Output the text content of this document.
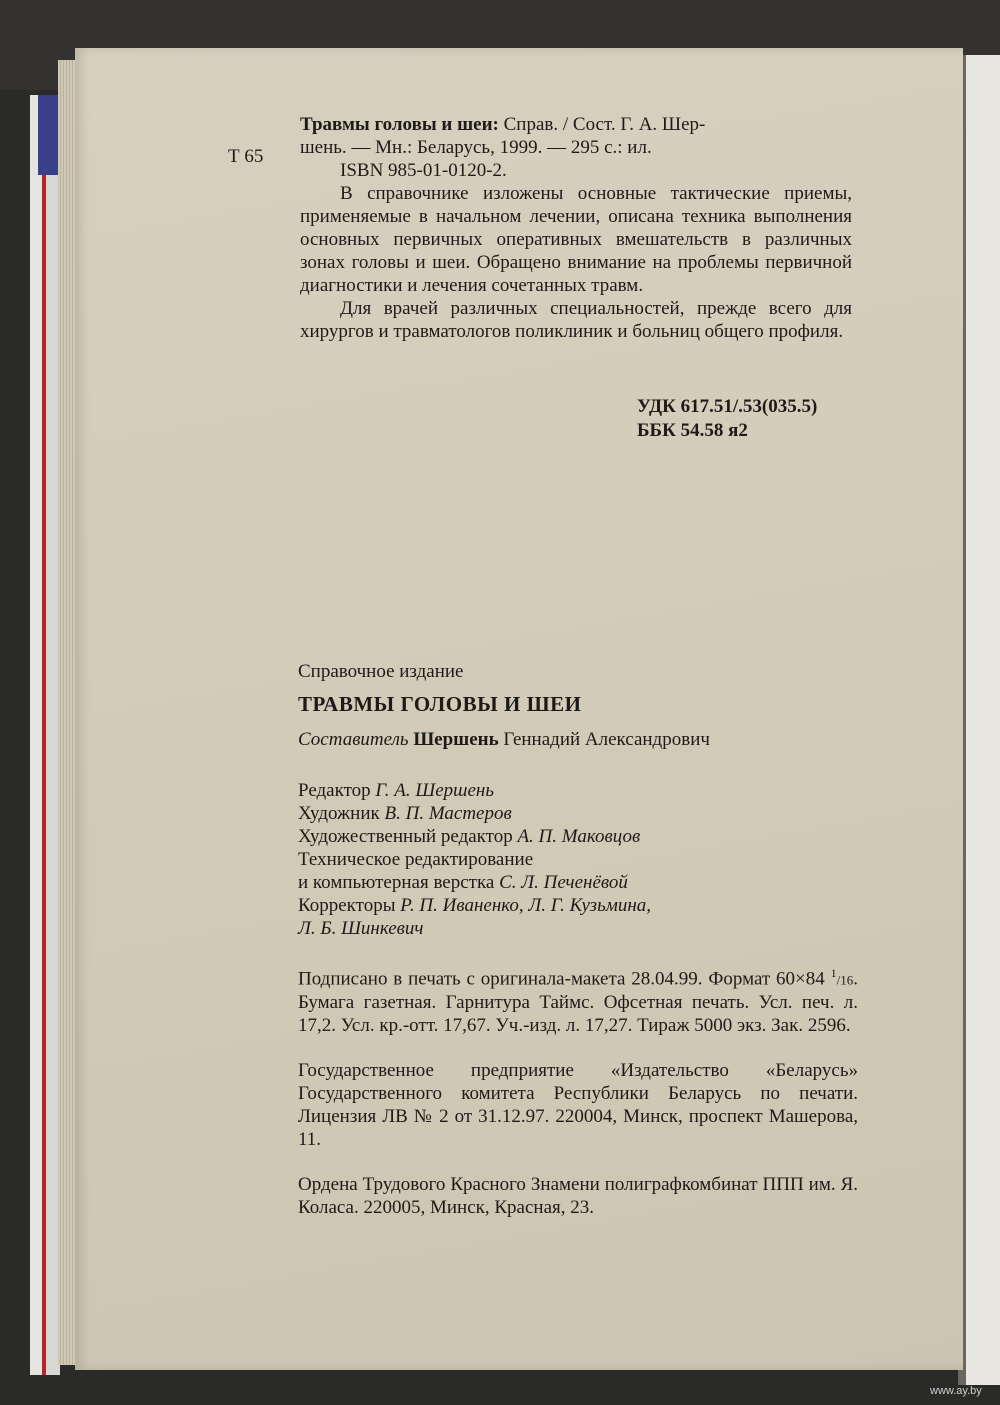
Т 65

Травмы головы и шеи: Справ. / Сост. Г. А. Шер-

шень. — Мн.: Беларусь, 1999. — 295 с.: ил.

ISBN 985-01-0120-2.

В справочнике изложены основные тактические приемы, применяемые в начальном лечении, описана техника выполнения основных первичных оперативных вмешательств в различных зонах головы и шеи. Обращено внимание на проблемы первичной диагностики и лечения сочетанных травм.

Для врачей различных специальностей, прежде всего для хирургов и травматологов поликлиник и больниц общего профиля.

УДК 617.51/.53(035.5)
ББК 54.58 я2

Справочное издание

ТРАВМЫ ГОЛОВЫ И ШЕИ

Составитель Шершень Геннадий Александрович

Редактор Г. А. Шершень

Художник В. П. Мастеров

Художественный редактор А. П. Маковцов

Техническое редактирование

и компьютерная верстка С. Л. Печенёвой

Корректоры Р. П. Иваненко, Л. Г. Кузьмина,

Л. Б. Шинкевич

Подписано в печать с оригинала-макета 28.04.99. Формат 60×84 $^1$/16. Бумага газетная. Гарнитура Таймс. Офсетная печать. Усл. печ. л. 17,2. Усл. кр.-отт. 17,67. Уч.-изд. л. 17,27. Тираж 5000 экз. Зак. 2596.

Государственное предприятие «Издательство «Беларусь» Государственного комитета Республики Беларусь по печати. Лицензия ЛВ № 2 от 31.12.97. 220004, Минск, проспект Машерова, 11.

Ордена Трудового Красного Знамени полиграфкомбинат ППП им. Я. Коласа. 220005, Минск, Красная, 23.

www.ay.by
